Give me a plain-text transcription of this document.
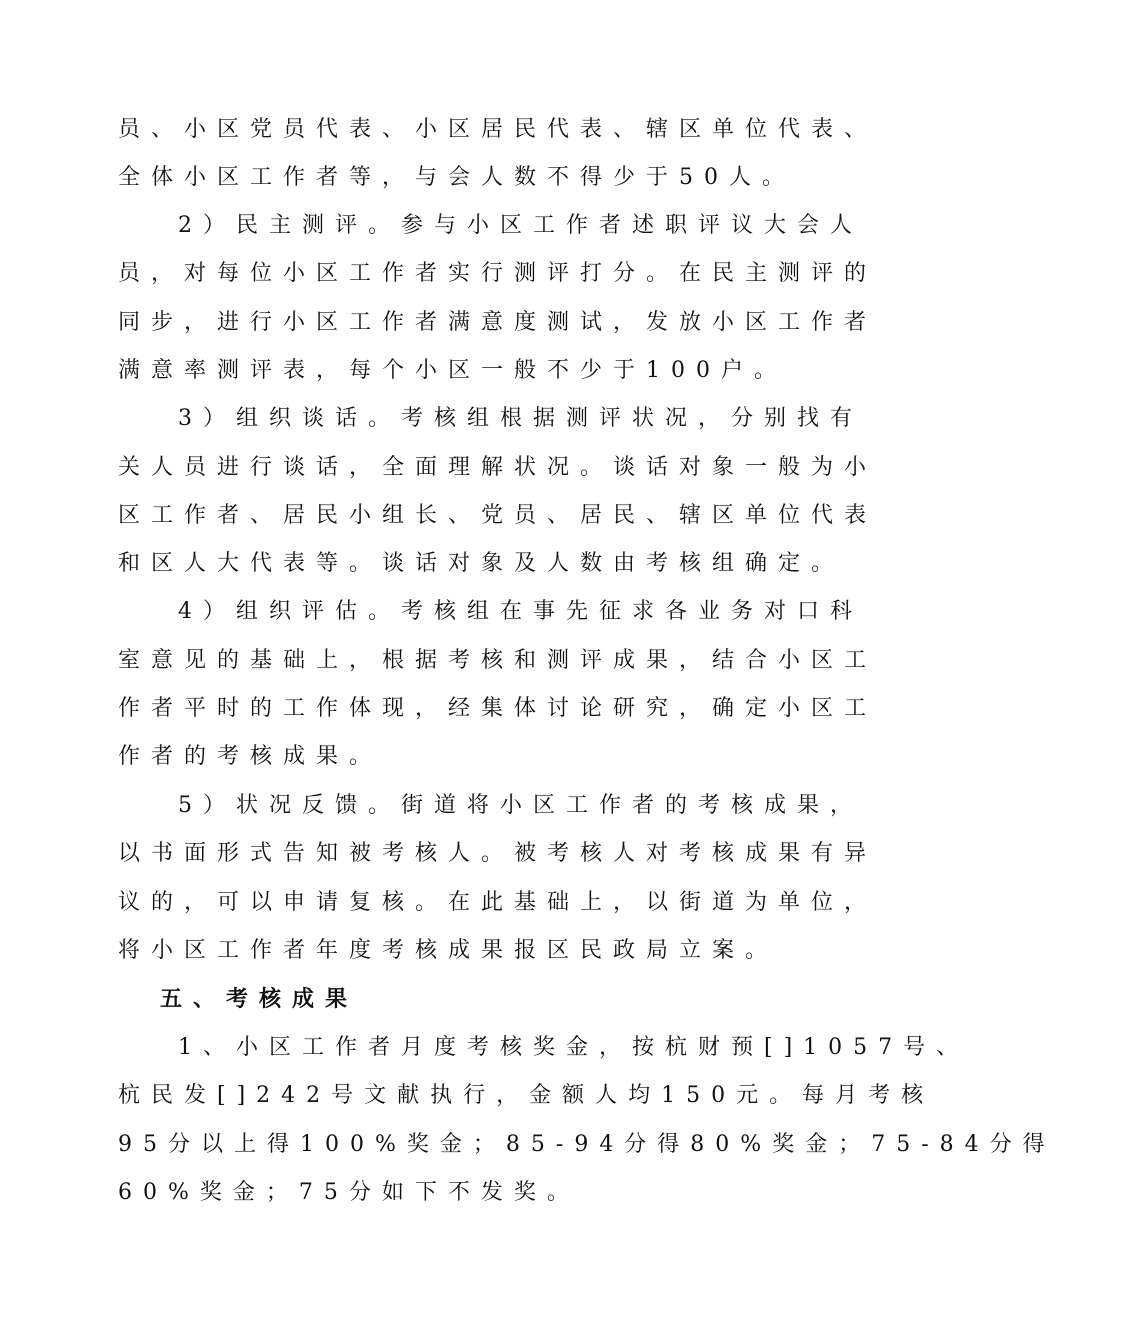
员、小区党员代表、小区居民代表、辖区单位代表、
全体小区工作者等，与会人数不得少于50人。
2）民主测评。参与小区工作者述职评议大会人
员，对每位小区工作者实行测评打分。在民主测评的
同步，进行小区工作者满意度测试，发放小区工作者
满意率测评表，每个小区一般不少于100户。
3）组织谈话。考核组根据测评状况，分别找有
关人员进行谈话，全面理解状况。谈话对象一般为小
区工作者、居民小组长、党员、居民、辖区单位代表
和区人大代表等。谈话对象及人数由考核组确定。
4）组织评估。考核组在事先征求各业务对口科
室意见的基础上，根据考核和测评成果，结合小区工
作者平时的工作体现，经集体讨论研究，确定小区工
作者的考核成果。
5）状况反馈。街道将小区工作者的考核成果，
以书面形式告知被考核人。被考核人对考核成果有异
议的，可以申请复核。在此基础上，以街道为单位，
将小区工作者年度考核成果报区民政局立案。
五、考核成果
1、小区工作者月度考核奖金，按杭财预[]1057号、
杭民发[]242号文献执行，金额人均150元。每月考核
95分以上得100%奖金；85-94分得80%奖金；75-84分得
60%奖金；75分如下不发奖。
